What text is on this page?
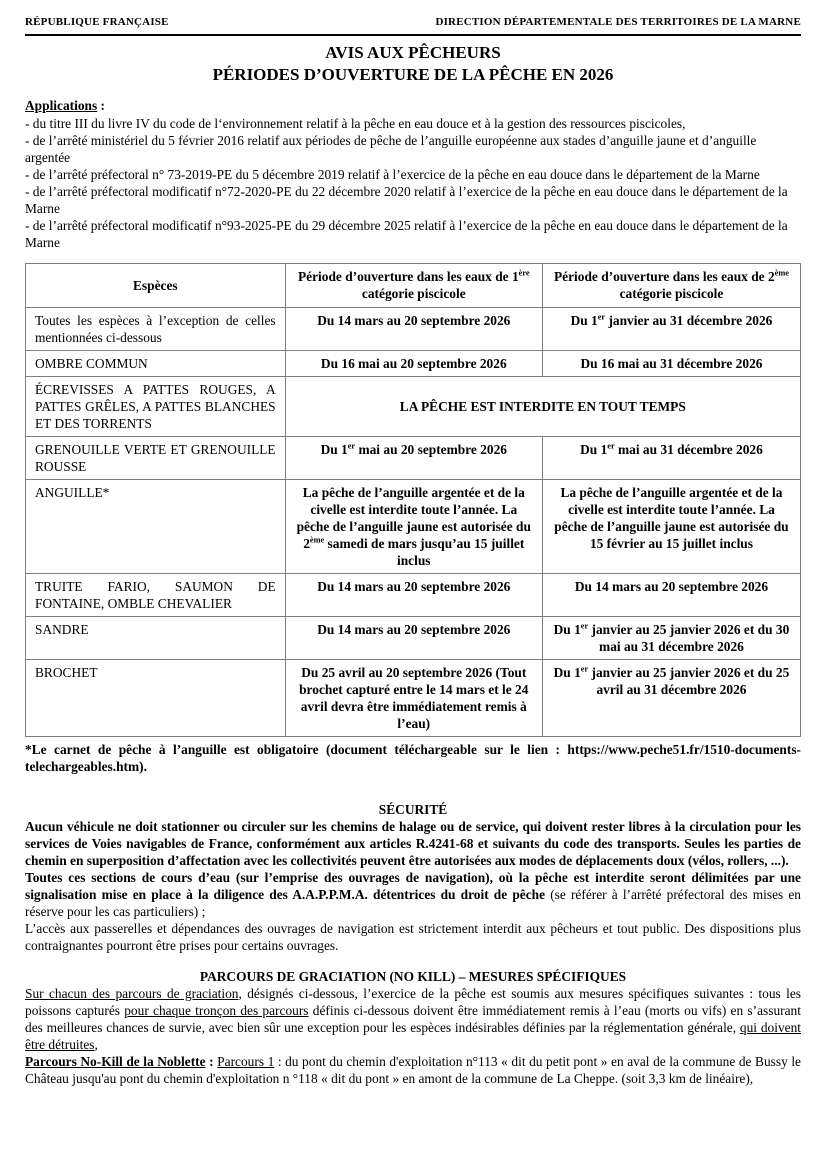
RÉPUBLIQUE FRANÇAISE	DIRECTION DÉPARTEMENTALE DES TERRITOIRES DE LA MARNE
AVIS AUX PÊCHEURS
PÉRIODES D’OUVERTURE DE LA PÊCHE EN 2026
Applications :
- du titre III du livre IV du code de l‘environnement relatif à la pêche en eau douce et à la gestion des ressources piscicoles,
- de l’arrêté ministériel du 5 février 2016 relatif aux périodes de pêche de l’anguille européenne aux stades d’anguille jaune et d’anguille argentée
- de l’arrêté préfectoral n° 73-2019-PE du 5 décembre 2019 relatif à l’exercice de la pêche en eau douce dans le département de la Marne
- de l’arrêté préfectoral modificatif n°72-2020-PE du 22 décembre 2020 relatif à l’exercice de la pêche en eau douce dans le département de la Marne
- de l’arrêté préfectoral modificatif n°93-2025-PE du 29 décembre 2025 relatif à l’exercice de la pêche en eau douce dans le département de la Marne
Espèces	Période d’ouverture dans les eaux de 1ère catégorie piscicole	Période d’ouverture dans les eaux de 2ème catégorie piscicole
Toutes les espèces à l’exception de celles mentionnées ci-dessous	Du 14 mars au 20 septembre 2026	Du 1er janvier au 31 décembre 2026
OMBRE COMMUN	Du 16 mai au 20 septembre 2026	Du 16 mai au 31 décembre 2026
ÉCREVISSES A PATTES ROUGES, A PATTES GRÊLES, A PATTES BLANCHES ET DES TORRENTS	LA PÊCHE EST INTERDITE EN TOUT TEMPS	
GRENOUILLE VERTE ET GRENOUILLE ROUSSE	Du 1er mai au 20 septembre 2026	Du 1er mai au 31 décembre 2026
ANGUILLE*	La pêche de l’anguille argentée et de la civelle est interdite toute l’année. La pêche de l’anguille jaune est autorisée du 2ème samedi de mars jusqu’au 15 juillet inclus	La pêche de l’anguille argentée et de la civelle est interdite toute l’année. La pêche de l’anguille jaune est autorisée du 15 février au 15 juillet inclus
TRUITE FARIO, SAUMON DE FONTAINE, OMBLE CHEVALIER	Du 14 mars au 20 septembre 2026	Du 14 mars au 20 septembre 2026
SANDRE	Du 14 mars au 20 septembre 2026	Du 1er janvier au 25 janvier 2026 et du 30 mai au 31 décembre 2026
BROCHET	Du 25 avril au 20 septembre 2026 (Tout brochet capturé entre le 14 mars et le 24 avril devra être immédiatement remis à l’eau)	Du 1er janvier au 25 janvier 2026 et du 25 avril au 31 décembre 2026

*Le carnet de pêche à l’anguille est obligatoire (document téléchargeable sur le lien : https://www.peche51.fr/1510-documents-telechargeables.htm).

SÉCURITÉ

Aucun véhicule ne doit stationner ou circuler sur les chemins de halage ou de service, qui doivent rester libres à la circulation pour les services de Voies navigables de France, conformément aux articles R.4241-68 et suivants du code des transports. Seules les parties de chemin en superposition d’affectation avec les collectivités peuvent être autorisées aux modes de déplacements doux (vélos, rollers, ...).

Toutes ces sections de cours d’eau (sur l’emprise des ouvrages de navigation), où la pêche est interdite seront délimitées par une signalisation mise en place à la diligence des A.A.P.P.M.A. détentrices du droit de pêche (se référer à l’arrêté préfectoral des mises en réserve pour les cas particuliers) ;

L’accès aux passerelles et dépendances des ouvrages de navigation est strictement interdit aux pêcheurs et tout public. Des dispositions plus contraignantes pourront être prises pour certains ouvrages.

PARCOURS DE GRACIATION (NO KILL) – MESURES SPÉCIFIQUES

Sur chacun des parcours de graciation, désignés ci-dessous, l’exercice de la pêche est soumis aux mesures spécifiques suivantes : tous les poissons capturés pour chaque tronçon des parcours définis ci-dessous doivent être immédiatement remis à l’eau (morts ou vifs) en s’assurant des meilleures chances de survie, avec bien sûr une exception pour les espèces indésirables définies par la réglementation générale, qui doivent être détruites,

Parcours No-Kill de la Noblette : Parcours 1 : du pont du chemin d'exploitation n°113 « dit du petit pont » en aval de la commune de Bussy le Château jusqu'au pont du chemin d'exploitation n °118 « dit du pont » en amont de la commune de La Cheppe. (soit 3,3 km de linéaire),
